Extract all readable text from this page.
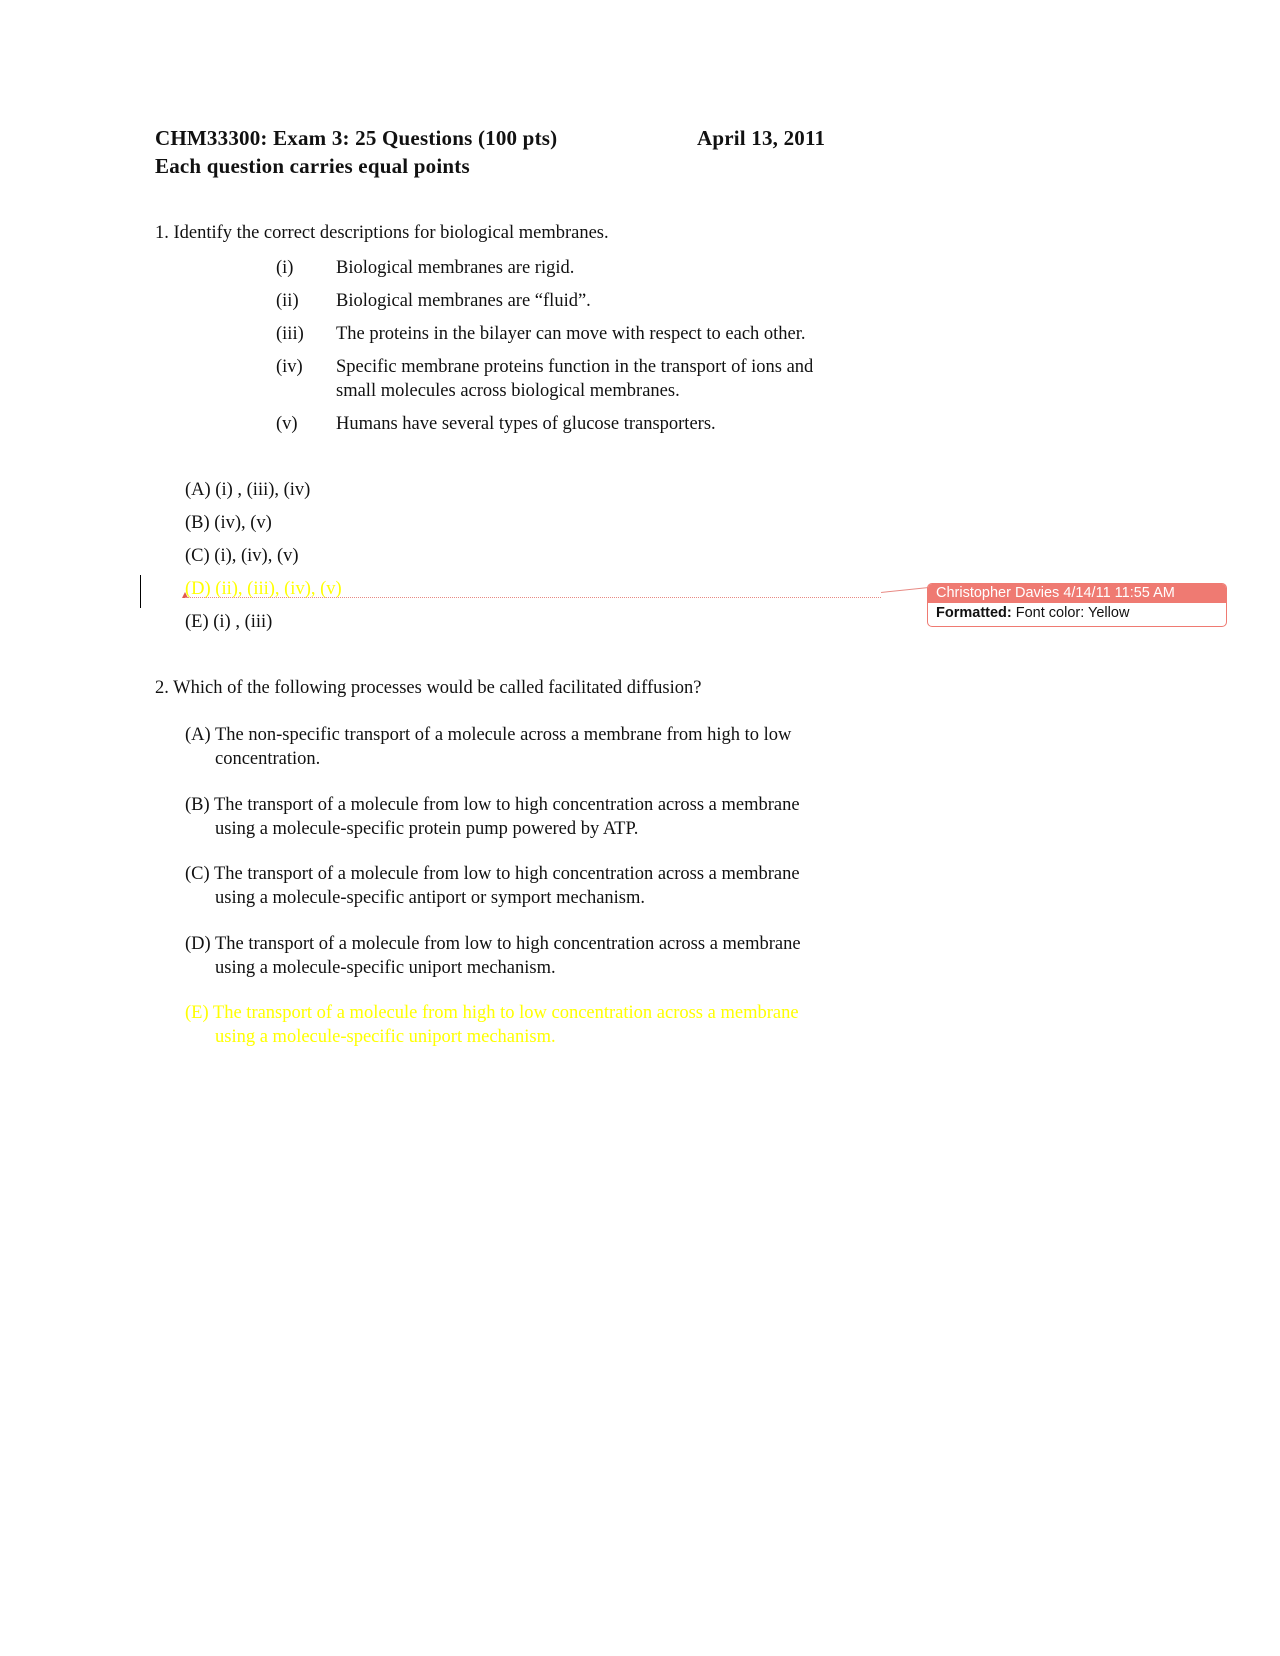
CHM33300: Exam 3: 25 Questions (100 pts)	April 13, 2011
Each question carries equal points
1. Identify the correct descriptions for biological membranes.
(i) Biological membranes are rigid.
(ii) Biological membranes are “fluid”.
(iii) The proteins in the bilayer can move with respect to each other.
(iv) Specific membrane proteins function in the transport of ions and
small molecules across biological membranes.
(v) Humans have several types of glucose transporters.
(A) (i) , (iii), (iv)
(B) (iv), (v)
(C) (i), (iv), (v)
(D) (ii), (iii), (iv), (v)
(E) (i) , (iii)
Christopher Davies 4/14/11 11:55 AM
Formatted: Font color: Yellow
2. Which of the following processes would be called facilitated diffusion?
(A) The non-specific transport of a molecule across a membrane from high to low
concentration.
(B) The transport of a molecule from low to high concentration across a membrane
using a molecule-specific protein pump powered by ATP.
(C) The transport of a molecule from low to high concentration across a membrane
using a molecule-specific antiport or symport mechanism.
(D) The transport of a molecule from low to high concentration across a membrane
using a molecule-specific uniport mechanism.
(E) The transport of a molecule from high to low concentration across a membrane
using a molecule-specific uniport mechanism.
